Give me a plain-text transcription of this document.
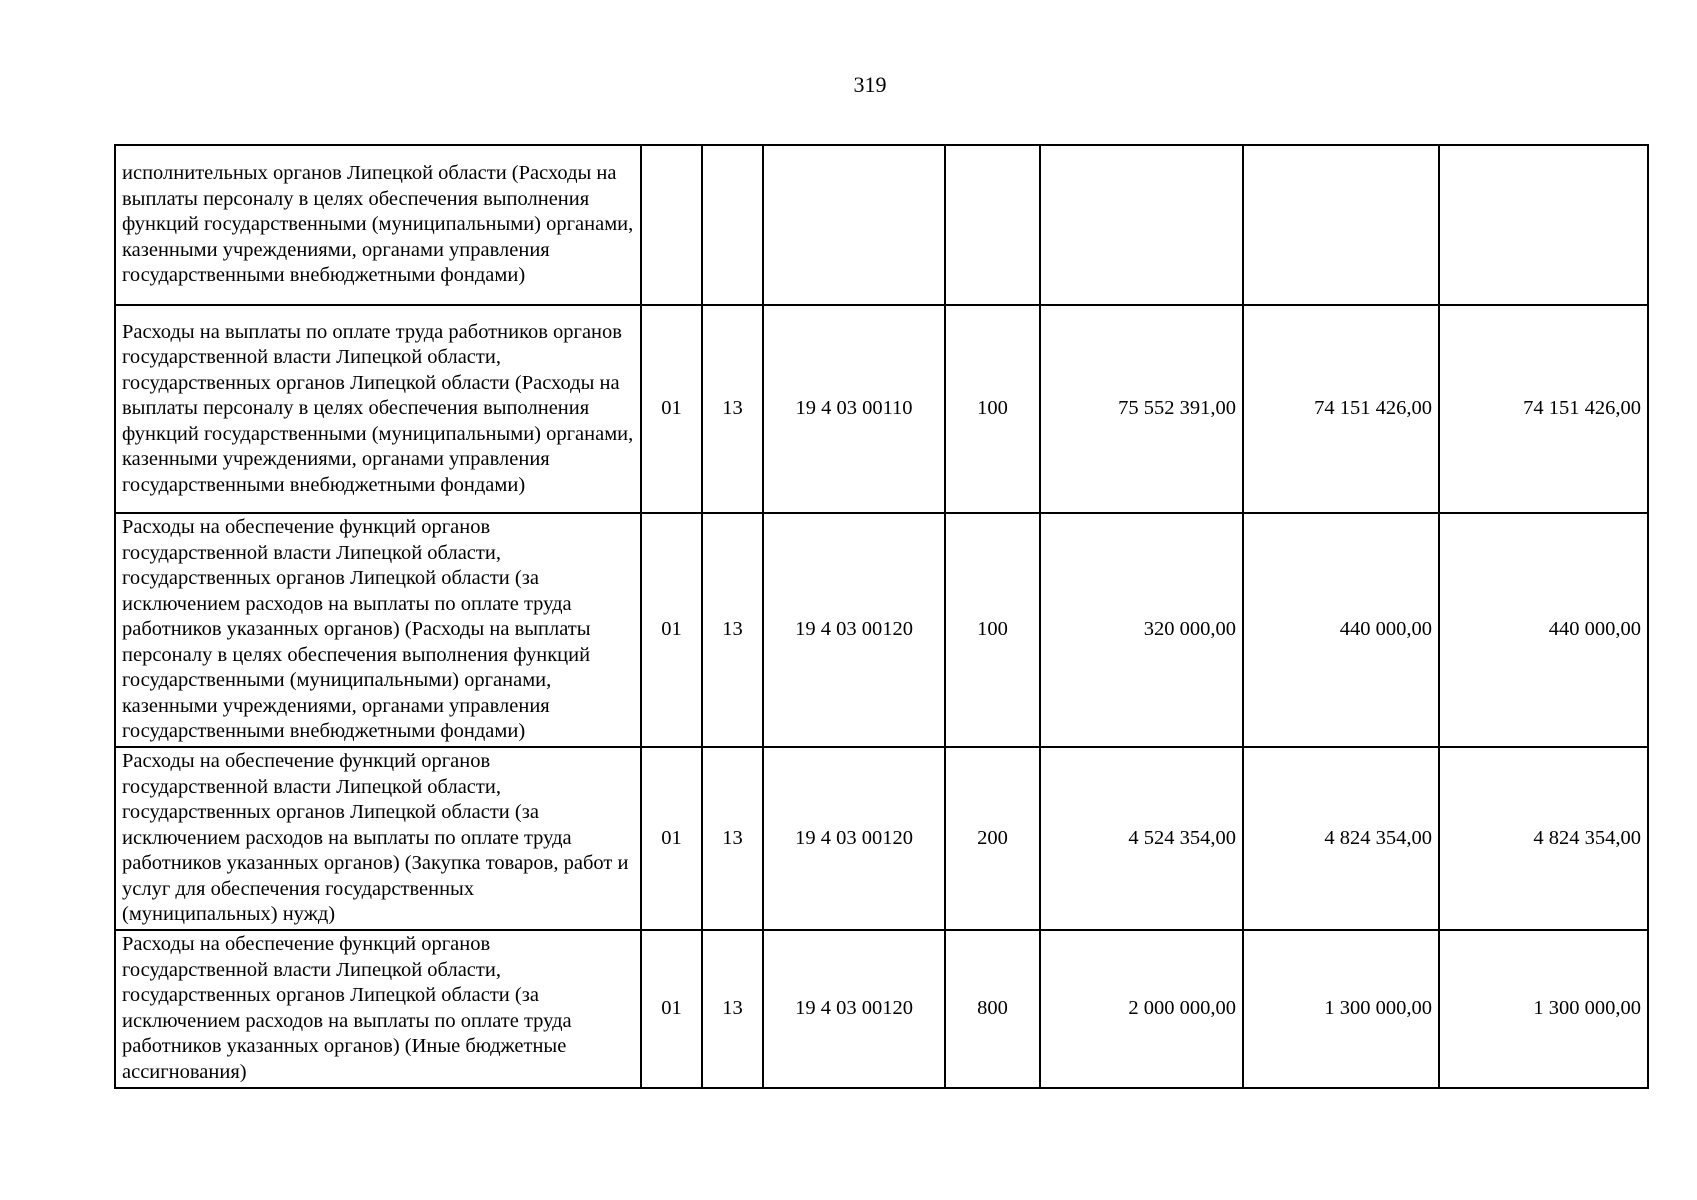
319
исполнительных органов Липецкой области (Расходы на выплаты персоналу в целях обеспечения выполнения функций государственными (муниципальными) органами, казенными учреждениями, органами управления государственными внебюджетными фондами)							
Расходы на выплаты по оплате труда работников органов государственной власти Липецкой области, государственных органов Липецкой области (Расходы на выплаты персоналу в целях обеспечения выполнения функций государственными (муниципальными) органами, казенными учреждениями, органами управления государственными внебюджетными фондами)	01	13	19 4 03 00110	100	75 552 391,00	74 151 426,00	74 151 426,00
Расходы на обеспечение функций органов государственной власти Липецкой области, государственных органов Липецкой области (за исключением расходов на выплаты по оплате труда работников указанных органов) (Расходы на выплаты персоналу в целях обеспечения выполнения функций государственными (муниципальными) органами, казенными учреждениями, органами управления государственными внебюджетными фондами)	01	13	19 4 03 00120	100	320 000,00	440 000,00	440 000,00
Расходы на обеспечение функций органов государственной власти Липецкой области, государственных органов Липецкой области (за исключением расходов на выплаты по оплате труда работников указанных органов) (Закупка товаров, работ и услуг для обеспечения государственных (муниципальных) нужд)	01	13	19 4 03 00120	200	4 524 354,00	4 824 354,00	4 824 354,00
Расходы на обеспечение функций органов государственной власти Липецкой области, государственных органов Липецкой области (за исключением расходов на выплаты по оплате труда работников указанных органов) (Иные бюджетные ассигнования)	01	13	19 4 03 00120	800	2 000 000,00	1 300 000,00	1 300 000,00
